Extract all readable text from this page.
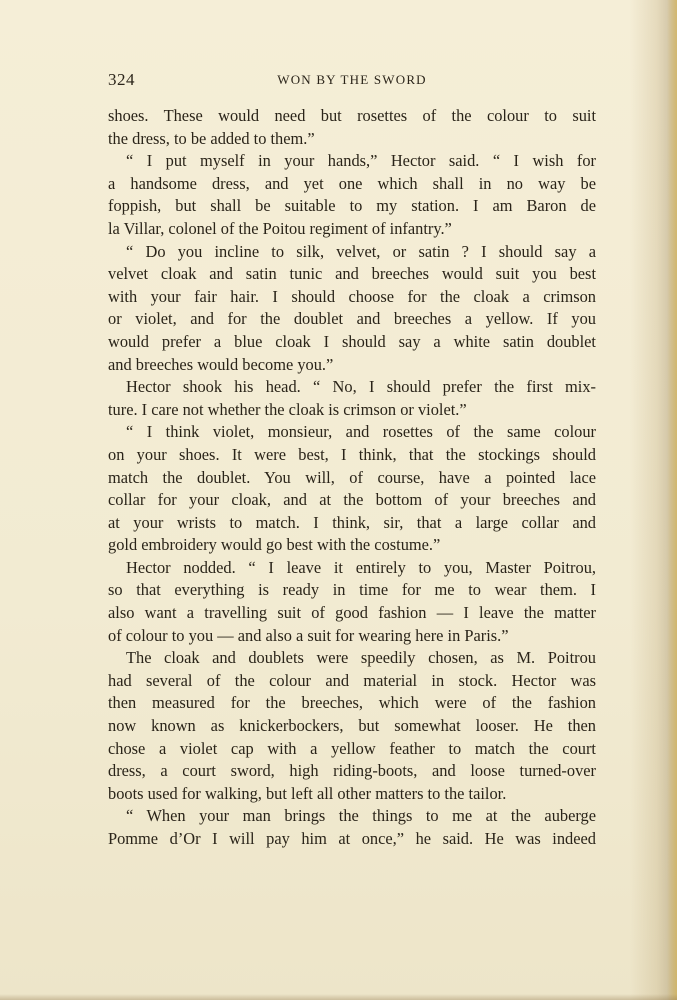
324	WON BY THE SWORD
shoes. These would need but rosettes of the colour to suit
the dress, to be added to them.”
“ I put myself in your hands,” Hector said. “ I wish for
a handsome dress, and yet one which shall in no way be
foppish, but shall be suitable to my station. I am Baron de
la Villar, colonel of the Poitou regiment of infantry.”
“ Do you incline to silk, velvet, or satin ? I should say a
velvet cloak and satin tunic and breeches would suit you best
with your fair hair. I should choose for the cloak a crimson
or violet, and for the doublet and breeches a yellow. If you
would prefer a blue cloak I should say a white satin doublet
and breeches would become you.”
Hector shook his head. “ No, I should prefer the first mix-
ture. I care not whether the cloak is crimson or violet.”
“ I think violet, monsieur, and rosettes of the same colour
on your shoes. It were best, I think, that the stockings should
match the doublet. You will, of course, have a pointed lace
collar for your cloak, and at the bottom of your breeches and
at your wrists to match. I think, sir, that a large collar and
gold embroidery would go best with the costume.”
Hector nodded. “ I leave it entirely to you, Master Poitrou,
so that everything is ready in time for me to wear them. I
also want a travelling suit of good fashion — I leave the matter
of colour to you — and also a suit for wearing here in Paris.”
The cloak and doublets were speedily chosen, as M. Poitrou
had several of the colour and material in stock. Hector was
then measured for the breeches, which were of the fashion
now known as knickerbockers, but somewhat looser. He then
chose a violet cap with a yellow feather to match the court
dress, a court sword, high riding-boots, and loose turned-over
boots used for walking, but left all other matters to the tailor.
“ When your man brings the things to me at the auberge
Pomme d’Or I will pay him at once,” he said. He was indeed
